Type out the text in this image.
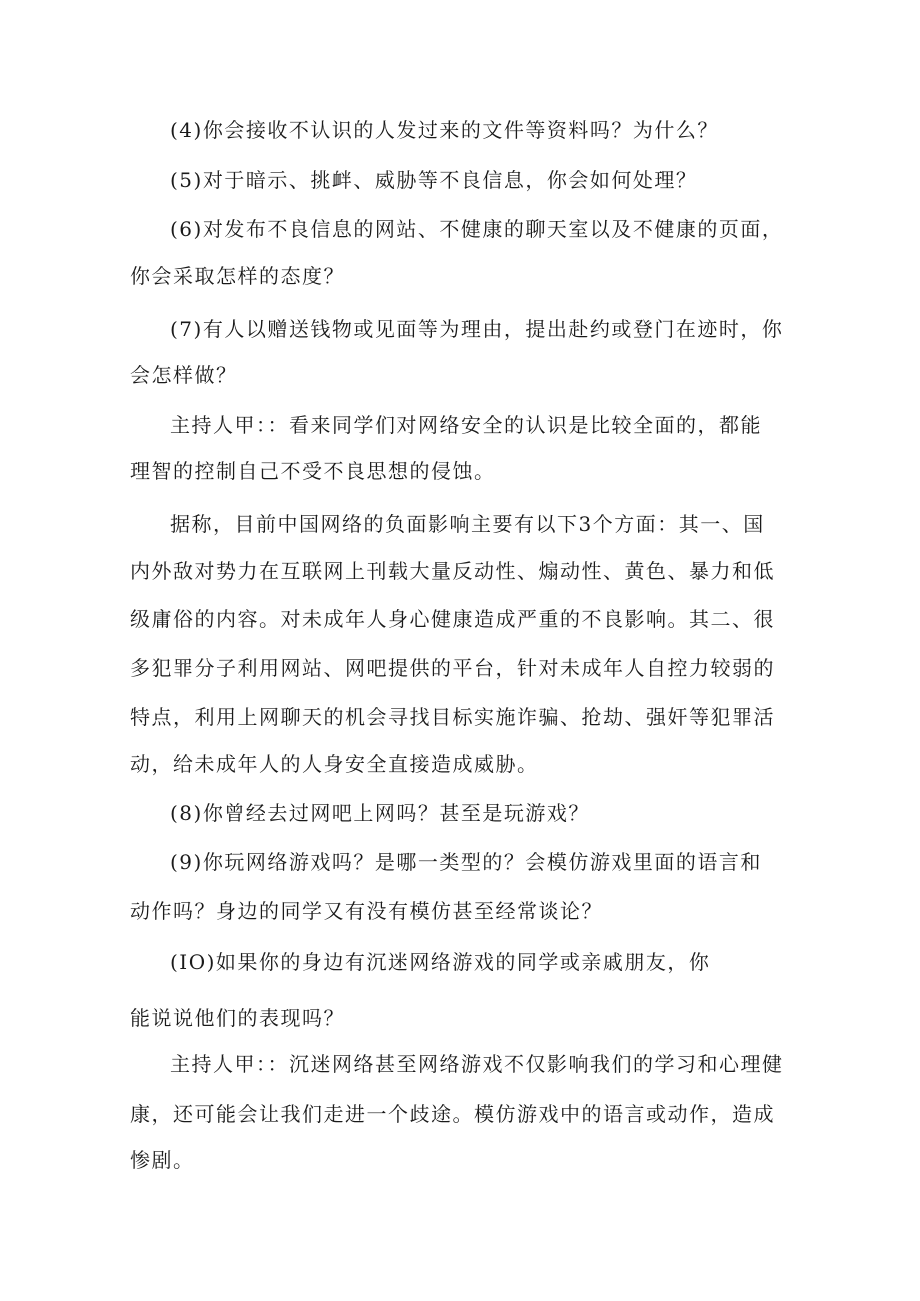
(4)你会接收不认识的人发过来的文件等资料吗？为什么？
(5)对于暗示、挑衅、威胁等不良信息，你会如何处理？
(6)对发布不良信息的网站、不健康的聊天室以及不健康的页面，
你会采取怎样的态度？
(7)有人以赠送钱物或见面等为理由，提出赴约或登门在迹时，你
会怎样做？
主持人甲：：看来同学们对网络安全的认识是比较全面的，都能
理智的控制自己不受不良思想的侵蚀。
据称，目前中国网络的负面影响主要有以下3个方面：其一、国
内外敌对势力在互联网上刊载大量反动性、煽动性、黄色、暴力和低
级庸俗的内容。对未成年人身心健康造成严重的不良影响。其二、很
多犯罪分子利用网站、网吧提供的平台，针对未成年人自控力较弱的
特点，利用上网聊天的机会寻找目标实施诈骗、抢劫、强奸等犯罪活
动，给未成年人的人身安全直接造成威胁。
(8)你曾经去过网吧上网吗？甚至是玩游戏？
(9)你玩网络游戏吗？是哪一类型的？会模仿游戏里面的语言和
动作吗？身边的同学又有没有模仿甚至经常谈论？
(IO)如果你的身边有沉迷网络游戏的同学或亲戚朋友，你
能说说他们的表现吗？
主持人甲：：沉迷网络甚至网络游戏不仅影响我们的学习和心理健
康，还可能会让我们走进一个歧途。模仿游戏中的语言或动作，造成
惨剧。
